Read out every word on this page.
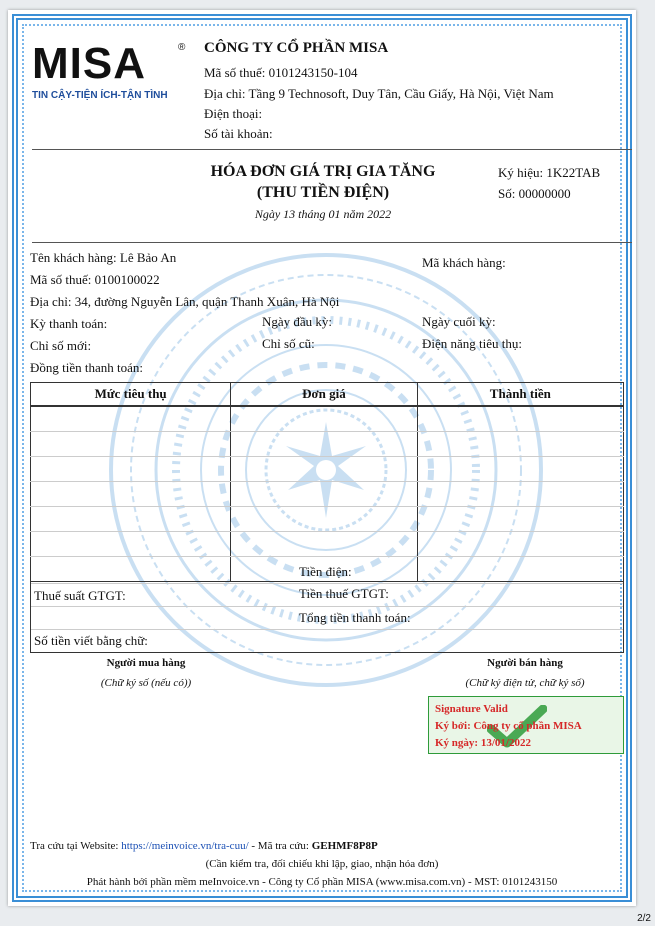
MISA	®
TIN CẬY-TIỆN ÍCH-TẬN TÌNH
CÔNG TY CỔ PHẦN MISA
Mã số thuế: 0101243150-104
Địa chỉ: Tầng 9 Technosoft, Duy Tân, Cầu Giấy, Hà Nội, Việt Nam
Điện thoại:
Số tài khoản:
HÓA ĐƠN GIÁ TRỊ GIA TĂNG
(THU TIỀN ĐIỆN)
Ngày 13 tháng 01 năm 2022
Ký hiệu: 1K22TAB
Số: 00000000
Tên khách hàng: Lê Bảo An	Mã khách hàng:
Mã số thuế: 0100100022
Địa chỉ: 34, đường Nguyễn Lân, quận Thanh Xuân, Hà Nội
Kỳ thanh toán:	Ngày đầu kỳ:	Ngày cuối kỳ:
Chỉ số mới:	Chỉ số cũ:	Điện năng tiêu thụ:
Đồng tiền thanh toán:
Mức tiêu thụ	Đơn giá	Thành tiền

Tiền điện:
Thuế suất GTGT:	Tiền thuế GTGT:
Tổng tiền thanh toán:
Số tiền viết bằng chữ:
Người mua hàng
(Chữ ký số (nếu có))
Người bán hàng
(Chữ ký điện tử, chữ ký số)
Signature Valid
Ký bởi: Công ty cổ phần MISA
Ký ngày: 13/01/2022
Tra cứu tại Website: https://meinvoice.vn/tra-cuu/ - Mã tra cứu: GEHMF8P8P
(Cần kiểm tra, đối chiếu khi lập, giao, nhận hóa đơn)
Phát hành bởi phần mềm meInvoice.vn - Công ty Cổ phần MISA (www.misa.com.vn) - MST: 0101243150
2/2
